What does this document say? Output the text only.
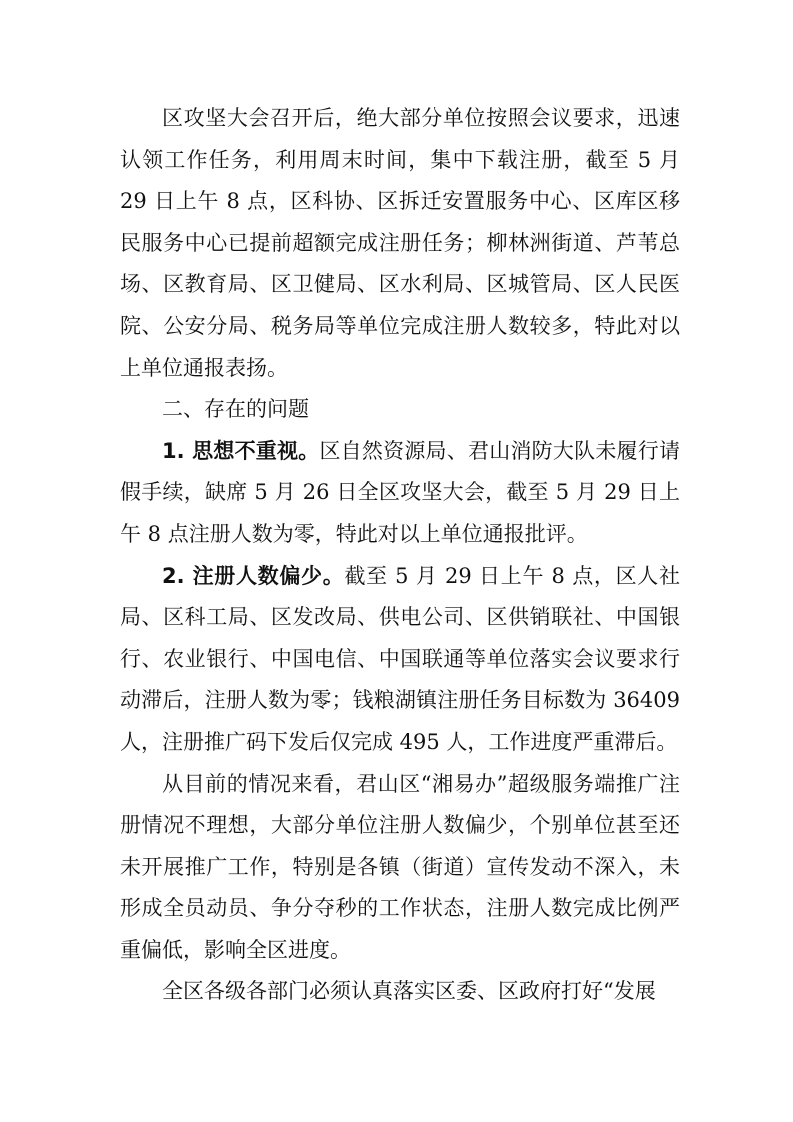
区攻坚大会召开后，绝大部分单位按照会议要求，迅速认领工作任务，利用周末时间，集中下载注册，截至 5 月 29 日上午 8 点，区科协、区拆迁安置服务中心、区库区移民服务中心已提前超额完成注册任务；柳林洲街道、芦苇总场、区教育局、区卫健局、区水利局、区城管局、区人民医院、公安分局、税务局等单位完成注册人数较多，特此对以上单位通报表扬。

二、存在的问题

1. 思想不重视。区自然资源局、君山消防大队未履行请假手续，缺席 5 月 26 日全区攻坚大会，截至 5 月 29 日上午 8 点注册人数为零，特此对以上单位通报批评。

2. 注册人数偏少。截至 5 月 29 日上午 8 点，区人社局、区科工局、区发改局、供电公司、区供销联社、中国银行、农业银行、中国电信、中国联通等单位落实会议要求行动滞后，注册人数为零；钱粮湖镇注册任务目标数为 36409 人，注册推广码下发后仅完成 495 人，工作进度严重滞后。

从目前的情况来看，君山区“湘易办”超级服务端推广注册情况不理想，大部分单位注册人数偏少，个别单位甚至还未开展推广工作，特别是各镇（街道）宣传发动不深入，未形成全员动员、争分夺秒的工作状态，注册人数完成比例严重偏低，影响全区进度。

全区各级各部门必须认真落实区委、区政府打好“发展
